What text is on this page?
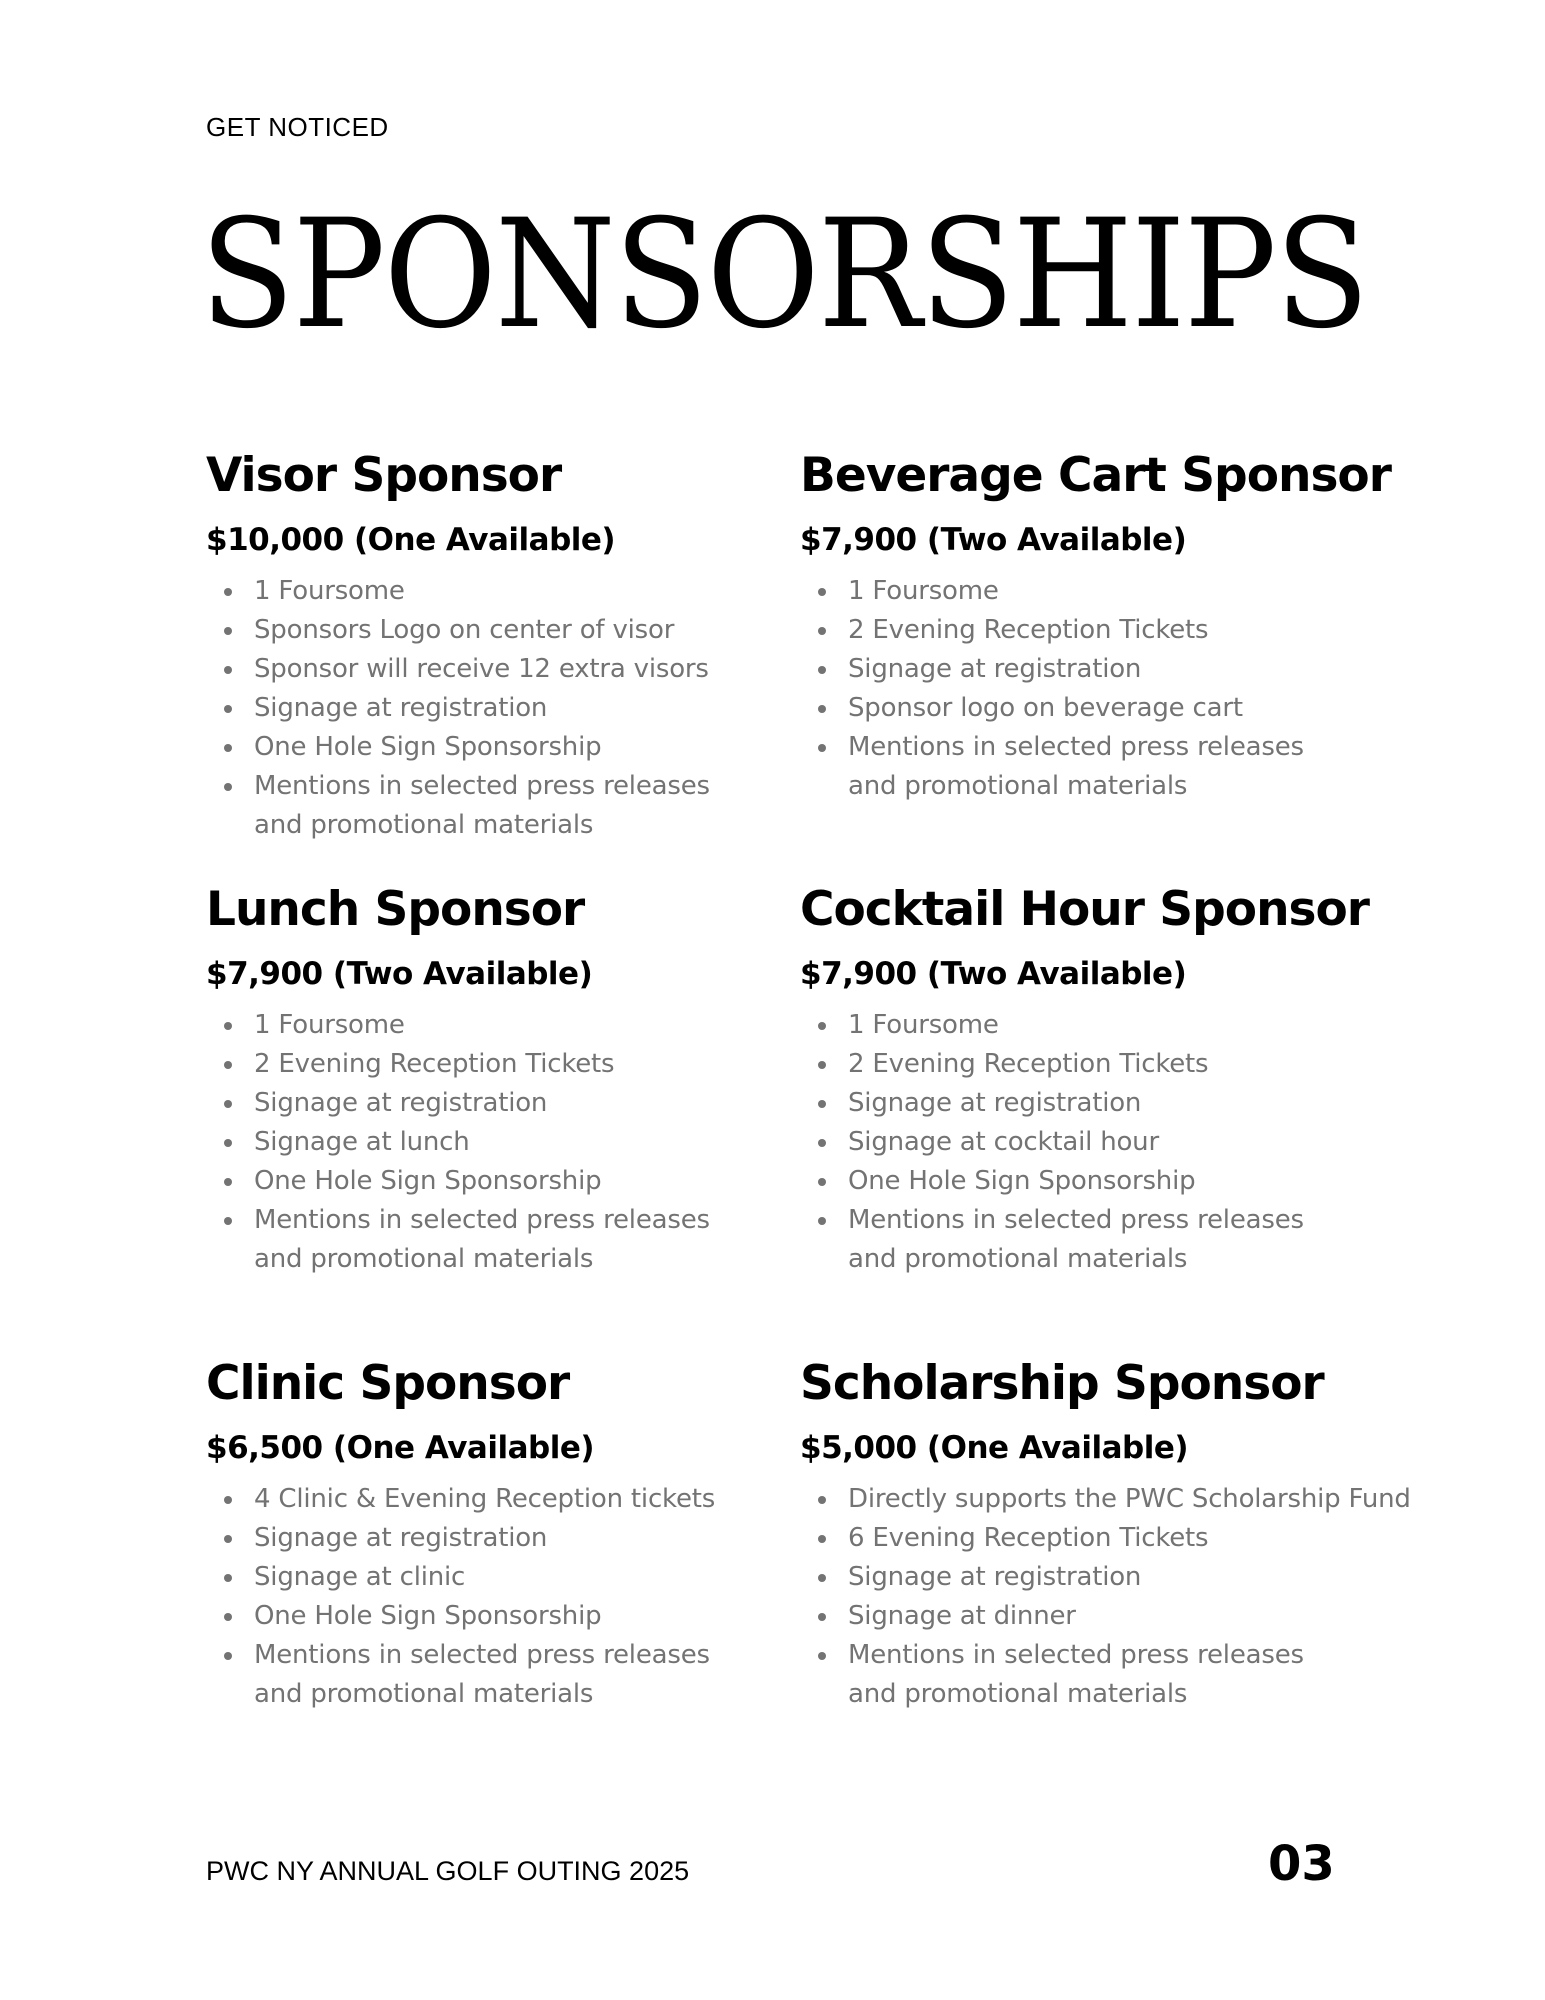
GET NOTICED
SPONSORSHIPS
Visor Sponsor
$10,000 (One Available)
1 Foursome
Sponsors Logo on center of visor
Sponsor will receive 12 extra visors
Signage at registration
One Hole Sign Sponsorship
Mentions in selected press releases and promotional materials
Beverage Cart Sponsor
$7,900 (Two Available)
1 Foursome
2 Evening Reception Tickets
Signage at registration
Sponsor logo on beverage cart
Mentions in selected press releases and promotional materials
Lunch Sponsor
$7,900 (Two Available)
1 Foursome
2 Evening Reception Tickets
Signage at registration
Signage at lunch
One Hole Sign Sponsorship
Mentions in selected press releases and promotional materials
Cocktail Hour Sponsor
$7,900 (Two Available)
1 Foursome
2 Evening Reception Tickets
Signage at registration
Signage at cocktail hour
One Hole Sign Sponsorship
Mentions in selected press releases and promotional materials
Clinic Sponsor
$6,500 (One Available)
4 Clinic & Evening Reception tickets
Signage at registration
Signage at clinic
One Hole Sign Sponsorship
Mentions in selected press releases and promotional materials
Scholarship Sponsor
$5,000 (One Available)
Directly supports the PWC Scholarship Fund
6 Evening Reception Tickets
Signage at registration
Signage at dinner
Mentions in selected press releases and promotional materials
PWC NY ANNUAL GOLF OUTING 2025	03
